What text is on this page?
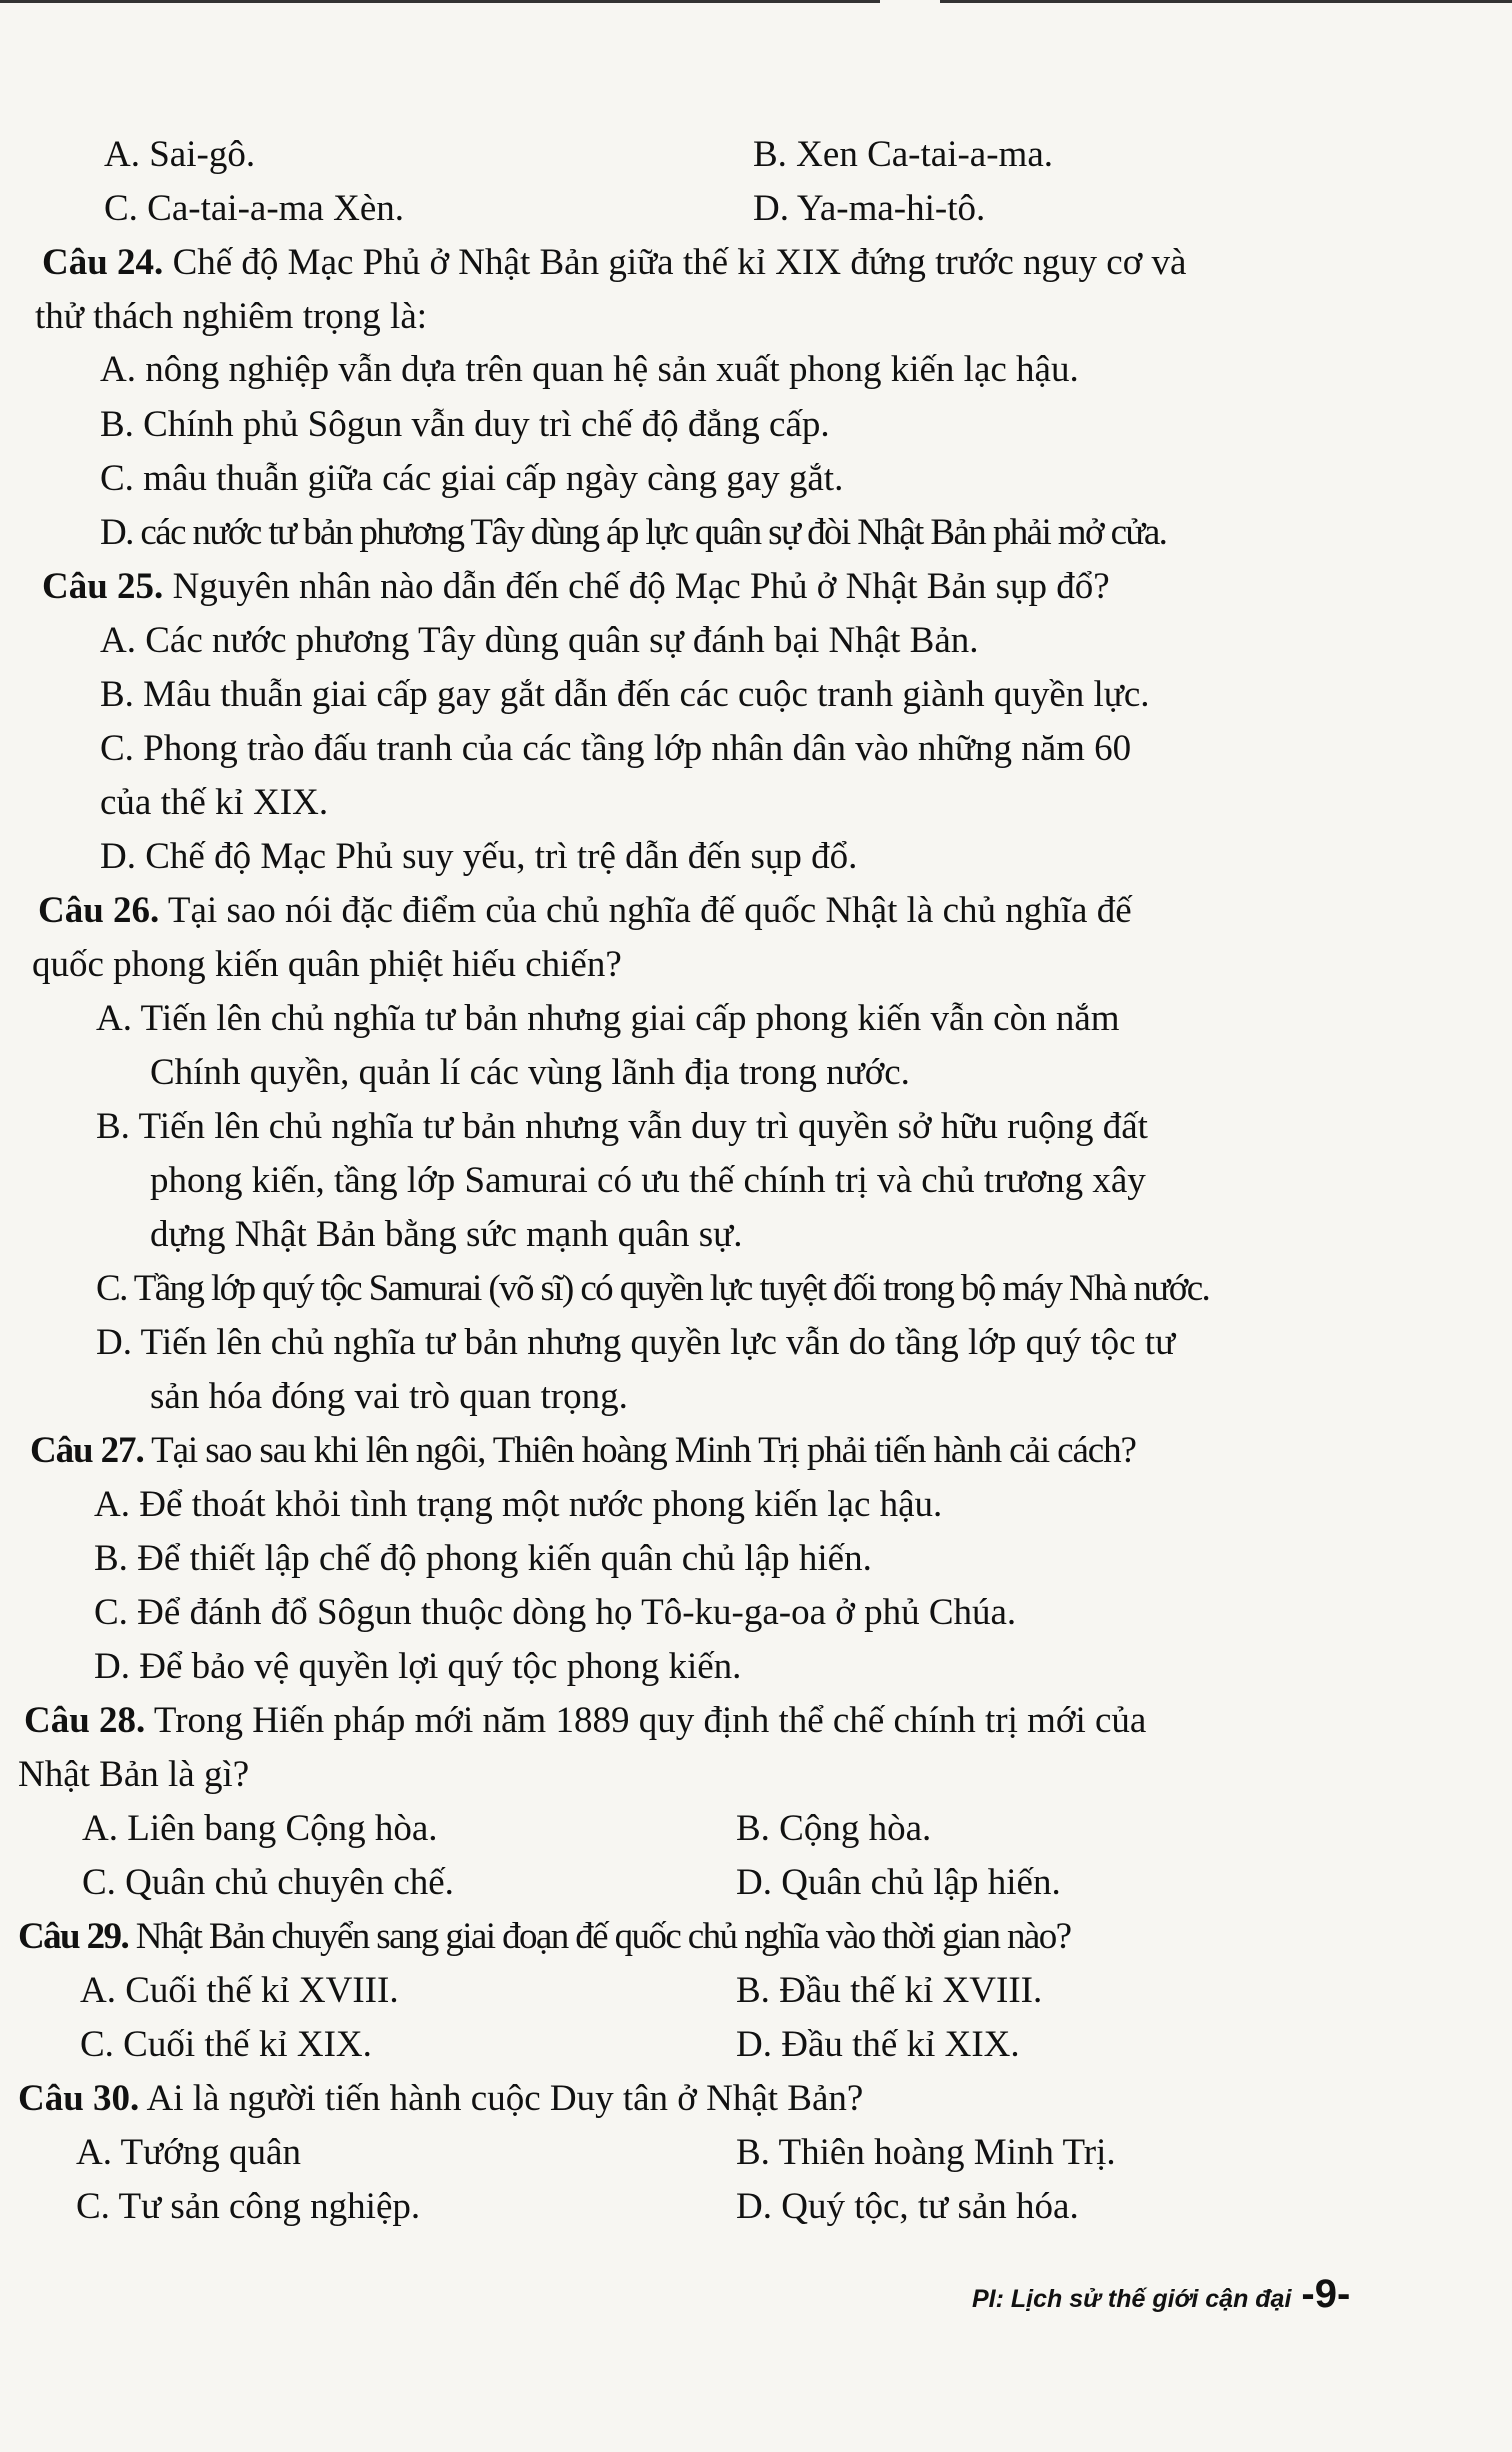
A. Sai-gô.	B. Xen Ca-tai-a-ma.
C. Ca-tai-a-ma Xèn.	D. Ya-ma-hi-tô.
Câu 24. Chế độ Mạc Phủ ở Nhật Bản giữa thế kỉ XIX đứng trước nguy cơ và
thử thách nghiêm trọng là:
A. nông nghiệp vẫn dựa trên quan hệ sản xuất phong kiến lạc hậu.
B. Chính phủ Sôgun vẫn duy trì chế độ đẳng cấp.
C. mâu thuẫn giữa các giai cấp ngày càng gay gắt.
D. các nước tư bản phương Tây dùng áp lực quân sự đòi Nhật Bản phải mở cửa.
Câu 25. Nguyên nhân nào dẫn đến chế độ Mạc Phủ ở Nhật Bản sụp đổ?
A. Các nước phương Tây dùng quân sự đánh bại Nhật Bản.
B. Mâu thuẫn giai cấp gay gắt dẫn đến các cuộc tranh giành quyền lực.
C. Phong trào đấu tranh của các tầng lớp nhân dân vào những năm 60
của thế kỉ XIX.
D. Chế độ Mạc Phủ suy yếu, trì trệ dẫn đến sụp đổ.
Câu 26. Tại sao nói đặc điểm của chủ nghĩa đế quốc Nhật là chủ nghĩa đế
quốc phong kiến quân phiệt hiếu chiến?
A. Tiến lên chủ nghĩa tư bản nhưng giai cấp phong kiến vẫn còn nắm
Chính quyền, quản lí các vùng lãnh địa trong nước.
B. Tiến lên chủ nghĩa tư bản nhưng vẫn duy trì quyền sở hữu ruộng đất
phong kiến, tầng lớp Samurai có ưu thế chính trị và chủ trương xây
dựng Nhật Bản bằng sức mạnh quân sự.
C. Tầng lớp quý tộc Samurai (võ sĩ) có quyền lực tuyệt đối trong bộ máy Nhà nước.
D. Tiến lên chủ nghĩa tư bản nhưng quyền lực vẫn do tầng lớp quý tộc tư
sản hóa đóng vai trò quan trọng.
Câu 27. Tại sao sau khi lên ngôi, Thiên hoàng Minh Trị phải tiến hành cải cách?
A. Để thoát khỏi tình trạng một nước phong kiến lạc hậu.
B. Để thiết lập chế độ phong kiến quân chủ lập hiến.
C. Để đánh đổ Sôgun thuộc dòng họ Tô-ku-ga-oa ở phủ Chúa.
D. Để bảo vệ quyền lợi quý tộc phong kiến.
Câu 28. Trong Hiến pháp mới năm 1889 quy định thể chế chính trị mới của
Nhật Bản là gì?
A. Liên bang Cộng hòa.	B. Cộng hòa.
C. Quân chủ chuyên chế.	D. Quân chủ lập hiến.
Câu 29. Nhật Bản chuyển sang giai đoạn đế quốc chủ nghĩa vào thời gian nào?
A. Cuối thế kỉ XVIII.	B. Đầu thế kỉ XVIII.
C. Cuối thế kỉ XIX.	D. Đầu thế kỉ XIX.
Câu 30. Ai là người tiến hành cuộc Duy tân ở Nhật Bản?
A. Tướng quân	B. Thiên hoàng Minh Trị.
C. Tư sản công nghiệp.	D. Quý tộc, tư sản hóa.
PI: Lịch sử thế giới cận đại -9-
